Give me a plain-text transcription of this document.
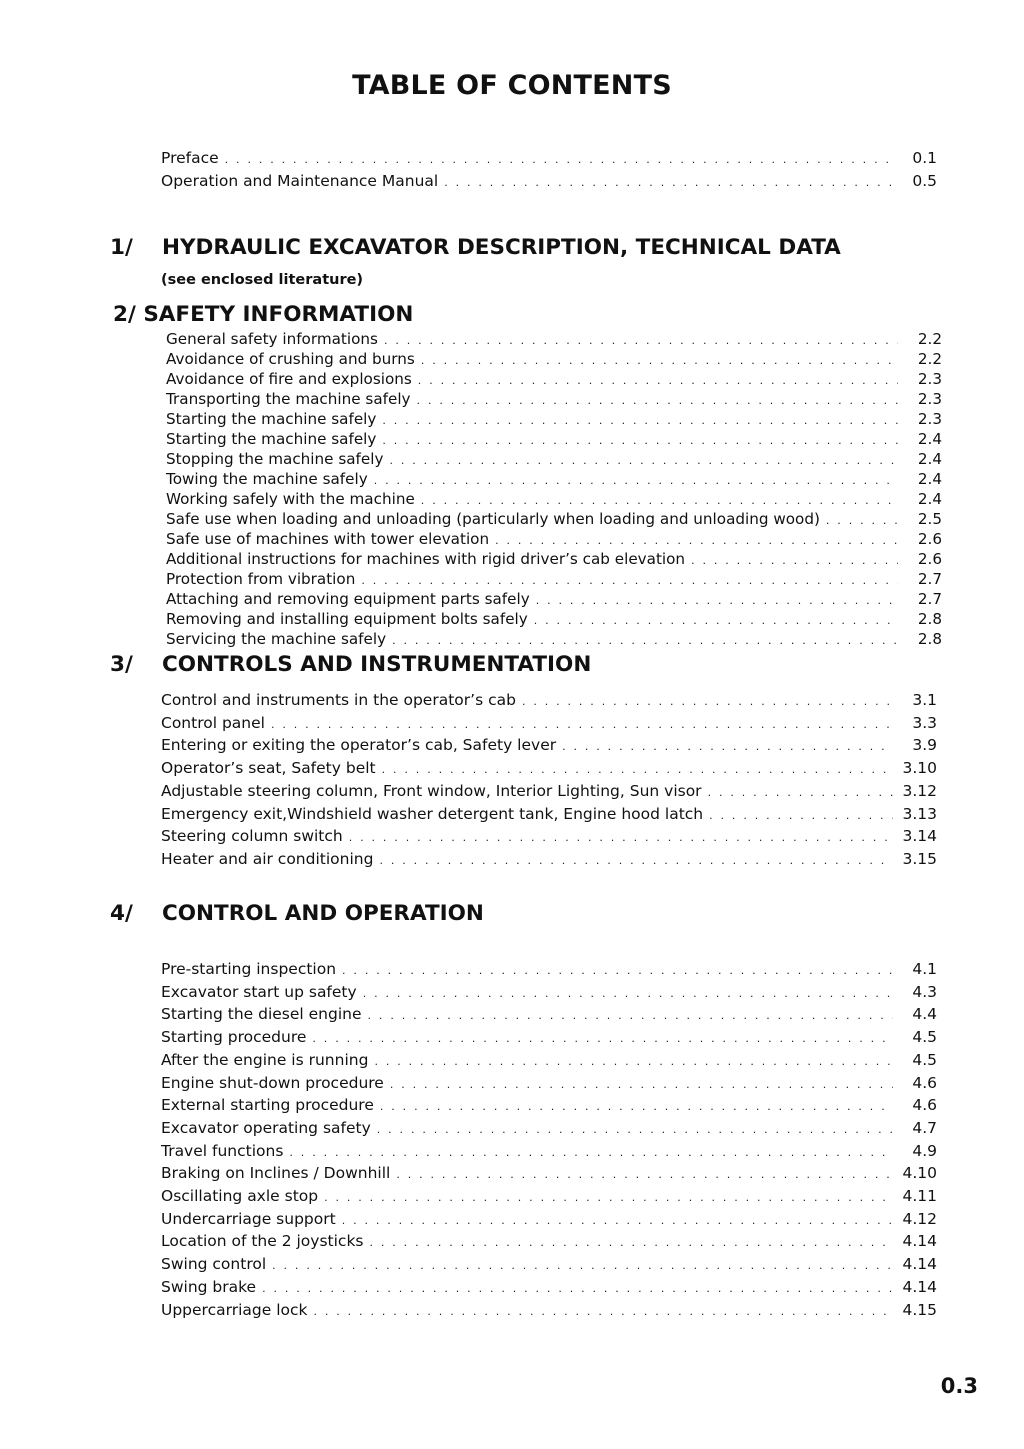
TABLE OF CONTENTS
Preface . . .	0.1
Operation and Maintenance Manual . . .	0.5
1/ HYDRAULIC EXCAVATOR DESCRIPTION, TECHNICAL DATA
(see enclosed literature)
2/ SAFETY INFORMATION
General safety informations . . .	2.2
Avoidance of crushing and burns . . .	2.2
Avoidance of fire and explosions . . .	2.3
Transporting the machine safely . . .	2.3
Starting the machine safely . . .	2.3
Starting the machine safely . . .	2.4
Stopping the machine safely . . .	2.4
Towing the machine safely . . .	2.4
Working safely with the machine . . .	2.4
Safe use when loading and unloading (particularly when loading and unloading wood) . . .	2.5
Safe use of machines with tower elevation . . .	2.6
Additional instructions for machines with rigid driver’s cab elevation . . .	2.6
Protection from vibration . . .	2.7
Attaching and removing equipment parts safely . . .	2.7
Removing and installing equipment bolts safely . . .	2.8
Servicing the machine safely . . .	2.8
3/ CONTROLS AND INSTRUMENTATION
Control and instruments in the operator’s cab . . .	3.1
Control panel . . .	3.3
Entering or exiting the operator’s cab, Safety lever . . .	3.9
Operator’s seat, Safety belt . . .	3.10
Adjustable steering column, Front window, Interior Lighting, Sun visor . . .	3.12
Emergency exit,Windshield washer detergent tank, Engine hood latch . . .	3.13
Steering column switch . . .	3.14
Heater and air conditioning . . .	3.15
4/ CONTROL AND OPERATION
Pre-starting inspection . . .	4.1
Excavator start up safety . . .	4.3
Starting the diesel engine . . .	4.4
Starting procedure . . .	4.5
After the engine is running . . .	4.5
Engine shut-down procedure . . .	4.6
External starting procedure . . .	4.6
Excavator operating safety . . .	4.7
Travel functions . . .	4.9
Braking on Inclines / Downhill . . .	4.10
Oscillating axle stop . . .	4.11
Undercarriage support . . .	4.12
Location of the 2 joysticks . . .	4.14
Swing control . . .	4.14
Swing brake . . .	4.14
Uppercarriage lock . . .	4.15
0.3
